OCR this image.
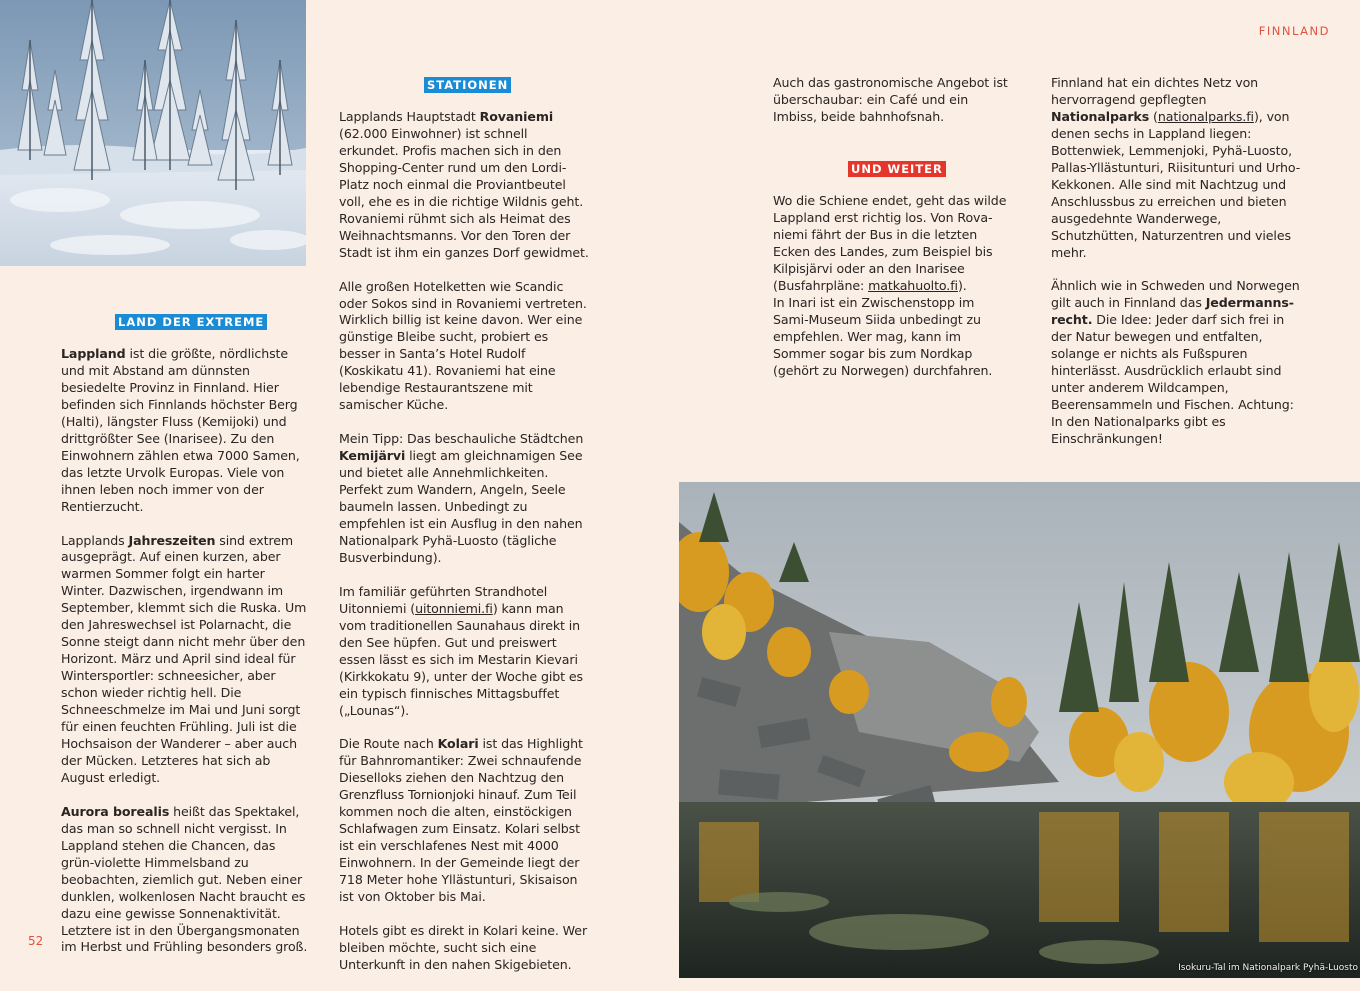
Isokuru-Tal im Nationalpark Pyhä-Luosto
FINNLAND
52
LAND DER EXTREME

Lappland ist die größte, nördlichste und mit Abstand am dünnsten besiedelte Provinz in Finnland. Hier befinden sich Finnlands höchster Berg (Halti), längster Fluss (Kemijoki) und drittgrößter See (Inarisee). Zu den Einwohnern zählen etwa 7000 Samen, das letzte Urvolk Europas. Viele von ihnen leben noch immer von der Rentierzucht.

Lapplands Jahreszeiten sind extrem ausgeprägt. Auf einen kurzen, aber warmen Sommer folgt ein harter Winter. Dazwischen, irgendwann im September, klemmt sich die Ruska. Um den Jahreswechsel ist Polarnacht, die Sonne steigt dann nicht mehr über den Horizont. März und April sind ideal für Wintersportler: schneesicher, aber schon wieder richtig hell. Die Schneeschmelze im Mai und Juni sorgt für einen feuchten Frühling. Juli ist die Hochsaison der Wanderer – aber auch der Mücken. Letzteres hat sich ab August erledigt.

Aurora borealis heißt das Spektakel, das man so schnell nicht vergisst. In Lappland stehen die Chancen, das grün-violette Himmelsband zu beobachten, ziemlich gut. Neben einer dunklen, wolkenlosen Nacht braucht es dazu eine gewisse Sonnenaktivität. Letztere ist in den Übergangsmonaten im Herbst und Frühling besonders groß.

STATIONEN

Lapplands Hauptstadt Rovaniemi (62.000 Einwohner) ist schnell erkundet. Profis machen sich in den Shopping-Center rund um den Lordi-Platz noch einmal die Proviantbeutel voll, ehe es in die richtige Wildnis geht. Rovaniemi rühmt sich als Heimat des Weihnachtsmanns. Vor den Toren der Stadt ist ihm ein ganzes Dorf gewidmet.

Alle großen Hotelketten wie Scandic oder Sokos sind in Rovaniemi vertreten. Wirklich billig ist keine davon. Wer eine günstige Bleibe sucht, probiert es besser in Santa’s Hotel Rudolf (Koskikatu 41). Rovaniemi hat eine lebendige Restaurantszene mit samischer Küche.

Mein Tipp: Das beschauliche Städtchen Kemijärvi liegt am gleichnamigen See und bietet alle Annehmlichkeiten. Perfekt zum Wandern, Angeln, Seele baumeln lassen. Unbedingt zu empfehlen ist ein Ausflug in den nahen Nationalpark Pyhä-Luosto (tägliche Busverbindung).

Im familiär geführten Strandhotel Uitonniemi (uitonniemi.fi) kann man vom traditionellen Saunahaus direkt in den See hüpfen. Gut und preiswert essen lässt es sich im Mestarin Kievari (Kirkkokatu 9), unter der Woche gibt es ein typisch finnisches Mittagsbuffet („Lounas“).

Die Route nach Kolari ist das Highlight für Bahnromantiker: Zwei schnaufende Dieselloks ziehen den Nachtzug den Grenzfluss Tornionjoki hinauf. Zum Teil kommen noch die alten, einstöckigen Schlafwagen zum Einsatz. Kolari selbst ist ein verschlafenes Nest mit 4000 Einwohnern. In der Gemeinde liegt der 718 Meter hohe Yllästunturi, Skisaison ist von Oktober bis Mai.

Hotels gibt es direkt in Kolari keine. Wer bleiben möchte, sucht sich eine Unterkunft in den nahen Skigebieten.

Auch das gastronomische Angebot ist überschaubar: ein Café und ein Imbiss, beide bahnhofsnah.

UND WEITER

Wo die Schiene endet, geht das wilde Lappland erst richtig los. Von Rovaniemi fährt der Bus in die letzten Ecken des Landes, zum Beispiel bis Kilpisjärvi oder an den Inarisee (Busfahrpläne: matkahuolto.fi).
In Inari ist ein Zwischenstopp im Sami-Museum Siida unbedingt zu empfehlen. Wer mag, kann im Sommer sogar bis zum Nordkap (gehört zu Norwegen) durchfahren.

Finnland hat ein dichtes Netz von hervorragend gepflegten Nationalparks (nationalparks.fi), von denen sechs in Lappland liegen: Bottenwiek, Lemmenjoki, Pyhä-Luosto, Pallas-Yllästunturi, Riisitunturi und Urho-Kekkonen. Alle sind mit Nachtzug und Anschlussbus zu erreichen und bieten ausgedehnte Wanderwege, Schutzhütten, Naturzentren und vieles mehr.

Ähnlich wie in Schweden und Norwegen gilt auch in Finnland das Jedermannsrecht. Die Idee: Jeder darf sich frei in der Natur bewegen und entfalten, solange er nichts als Fußspuren hinterlässt. Ausdrücklich erlaubt sind unter anderem Wildcampen, Beerensammeln und Fischen. Achtung: In den Nationalparks gibt es Einschränkungen!
